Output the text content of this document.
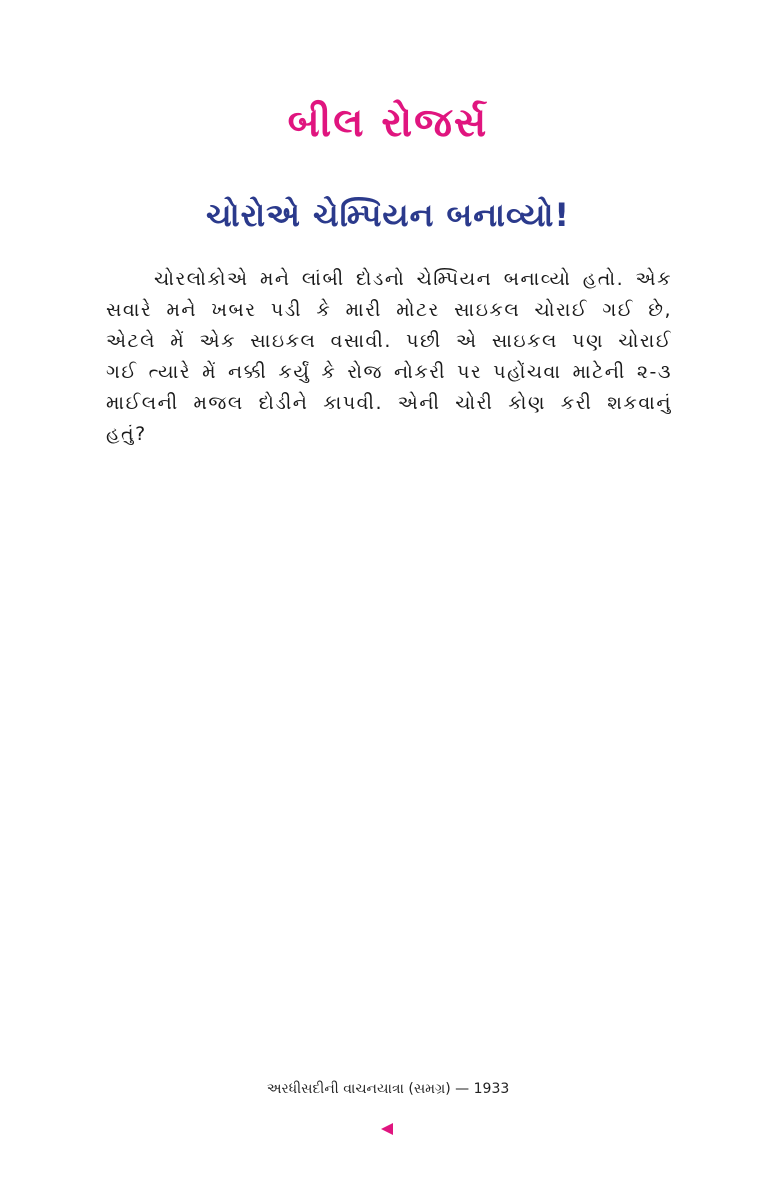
બીલ રોજર્સ
ચોરોએ ચેમ્પિયન બનાવ્યો!

ચોરલોકોએ મને લાંબી દોડનો ચેમ્પિયન બનાવ્યો હતો. એક સવારે મને ખબર પડી કે મારી મોટર સાઇકલ ચોરાઈ ગઈ છે, એટલે મેં એક સાઇકલ વસાવી. પછી એ સાઇકલ પણ ચોરાઈ ગઈ ત્યારે મેં નક્કી કર્યું કે રોજ નોકરી પર પહોંચવા માટેની ૨-૩ માઈલની મજલ દોડીને કાપવી. એની ચોરી કોણ કરી શકવાનું હતું?

અરધીસદીની વાચનયાત્રા (સમગ્ર) — 1933
